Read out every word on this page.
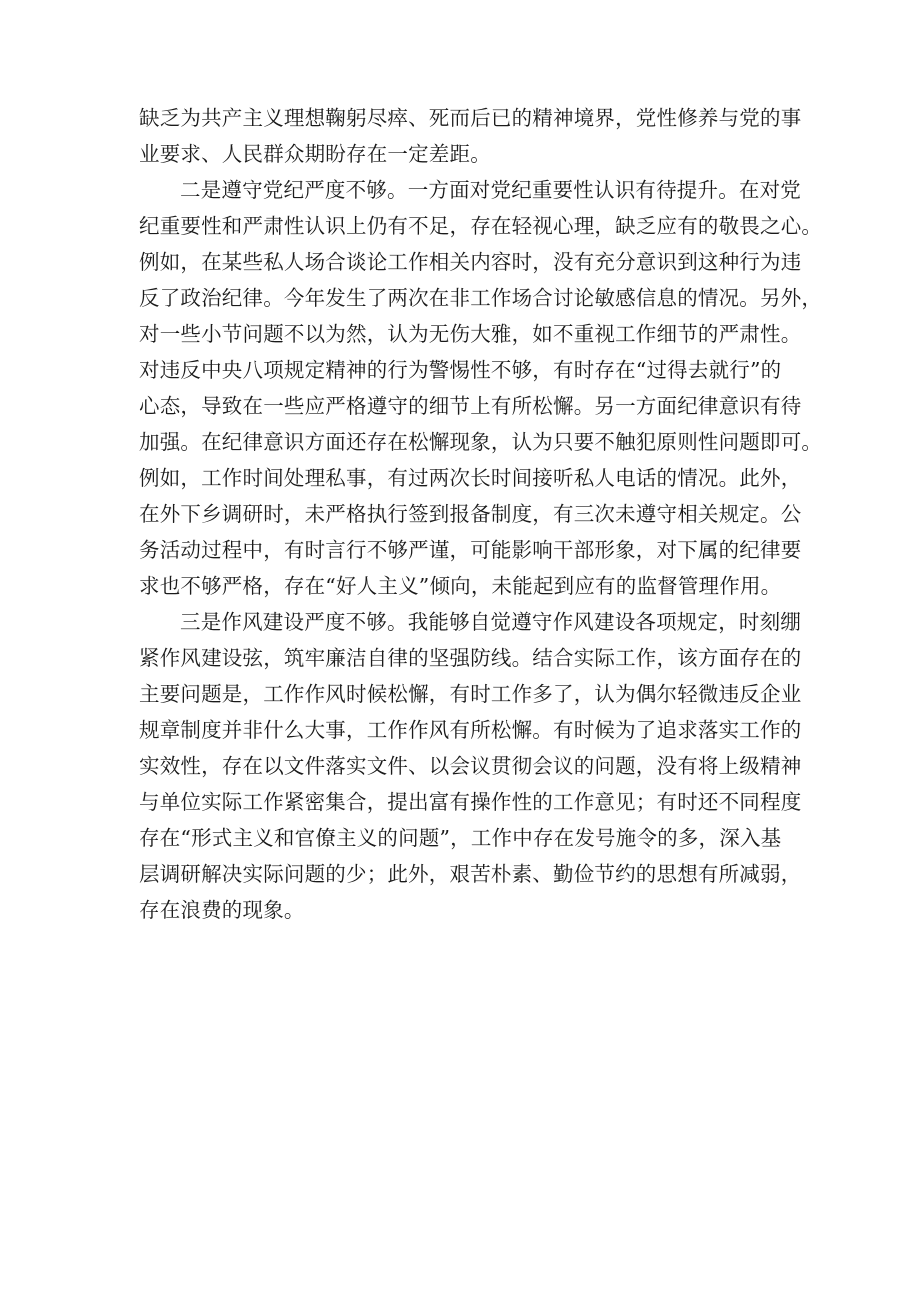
缺乏为共产主义理想鞠躬尽瘁、死而后已的精神境界，党性修养与党的事
业要求、人民群众期盼存在一定差距。

二是遵守党纪严度不够。一方面对党纪重要性认识有待提升。在对党
纪重要性和严肃性认识上仍有不足，存在轻视心理，缺乏应有的敬畏之心。
例如，在某些私人场合谈论工作相关内容时，没有充分意识到这种行为违
反了政治纪律。今年发生了两次在非工作场合讨论敏感信息的情况。另外，
对一些小节问题不以为然，认为无伤大雅，如不重视工作细节的严肃性。
对违反中央八项规定精神的行为警惕性不够，有时存在“过得去就行”的
心态，导致在一些应严格遵守的细节上有所松懈。另一方面纪律意识有待
加强。在纪律意识方面还存在松懈现象，认为只要不触犯原则性问题即可。
例如，工作时间处理私事，有过两次长时间接听私人电话的情况。此外，
在外下乡调研时，未严格执行签到报备制度，有三次未遵守相关规定。公
务活动过程中，有时言行不够严谨，可能影响干部形象，对下属的纪律要
求也不够严格，存在“好人主义”倾向，未能起到应有的监督管理作用。

三是作风建设严度不够。我能够自觉遵守作风建设各项规定，时刻绷
紧作风建设弦，筑牢廉洁自律的坚强防线。结合实际工作，该方面存在的
主要问题是，工作作风时候松懈，有时工作多了，认为偶尔轻微违反企业
规章制度并非什么大事，工作作风有所松懈。有时候为了追求落实工作的
实效性，存在以文件落实文件、以会议贯彻会议的问题，没有将上级精神
与单位实际工作紧密集合，提出富有操作性的工作意见；有时还不同程度
存在“形式主义和官僚主义的问题”，工作中存在发号施令的多，深入基
层调研解决实际问题的少；此外，艰苦朴素、勤俭节约的思想有所减弱，
存在浪费的现象。
